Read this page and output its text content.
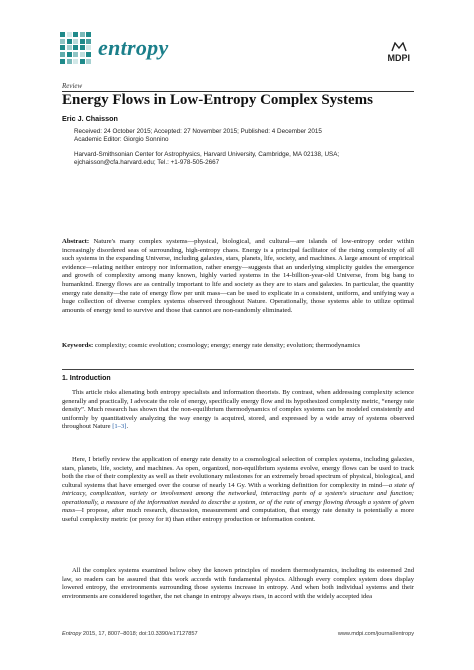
entropy	MDPI
Review
Energy Flows in Low-Entropy Complex Systems
Eric J. Chaisson
Received: 24 October 2015; Accepted: 27 November 2015; Published: 4 December 2015
Academic Editor: Giorgio Sonnino
Harvard-Smithsonian Center for Astrophysics, Harvard University, Cambridge, MA 02138, USA;
ejchaisson@cfa.harvard.edu; Tel.: +1-978-505-2667
Abstract: Nature's many complex systems—physical, biological, and cultural—are islands of low-entropy order within increasingly disordered seas of surrounding, high-entropy chaos. Energy is a principal facilitator of the rising complexity of all such systems in the expanding Universe, including galaxies, stars, planets, life, society, and machines. A large amount of empirical evidence—relating neither entropy nor information, rather energy—suggests that an underlying simplicity guides the emergence and growth of complexity among many known, highly varied systems in the 14-billion-year-old Universe, from big bang to humankind. Energy flows are as centrally important to life and society as they are to stars and galaxies. In particular, the quantity energy rate density—the rate of energy flow per unit mass—can be used to explicate in a consistent, uniform, and unifying way a huge collection of diverse complex systems observed throughout Nature. Operationally, those systems able to utilize optimal amounts of energy tend to survive and those that cannot are non-randomly eliminated.
Keywords: complexity; cosmic evolution; cosmology; energy; energy rate density; evolution; thermodynamics
1. Introduction
This article risks alienating both entropy specialists and information theorists. By contrast, when addressing complexity science generally and practically, I advocate the role of energy, specifically energy flow and its hypothesized complexity metric, “energy rate density”. Much research has shown that the non-equilibrium thermodynamics of complex systems can be modeled consistently and uniformly by quantitatively analyzing the way energy is acquired, stored, and expressed by a wide array of systems observed throughout Nature [1–3].
Here, I briefly review the application of energy rate density to a cosmological selection of complex systems, including galaxies, stars, planets, life, society, and machines. As open, organized, non-equilibrium systems evolve, energy flows can be used to track both the rise of their complexity as well as their evolutionary milestones for an extremely broad spectrum of physical, biological, and cultural systems that have emerged over the course of nearly 14 Gy. With a working definition for complexity in mind—a state of intricacy, complication, variety or involvement among the networked, interacting parts of a system's structure and function; operationally, a measure of the information needed to describe a system, or of the rate of energy flowing through a system of given mass—I propose, after much research, discussion, measurement and computation, that energy rate density is potentially a more useful complexity metric (or proxy for it) than either entropy production or information content.
All the complex systems examined below obey the known principles of modern thermodynamics, including its esteemed 2nd law, so readers can be assured that this work accords with fundamental physics. Although every complex system does display lowered entropy, the environments surrounding those systems increase in entropy. And when both individual systems and their environments are considered together, the net change in entropy always rises, in accord with the widely accepted idea
Entropy 2015, 17, 8007–8018; doi:10.3390/e17127857	www.mdpi.com/journal/entropy
